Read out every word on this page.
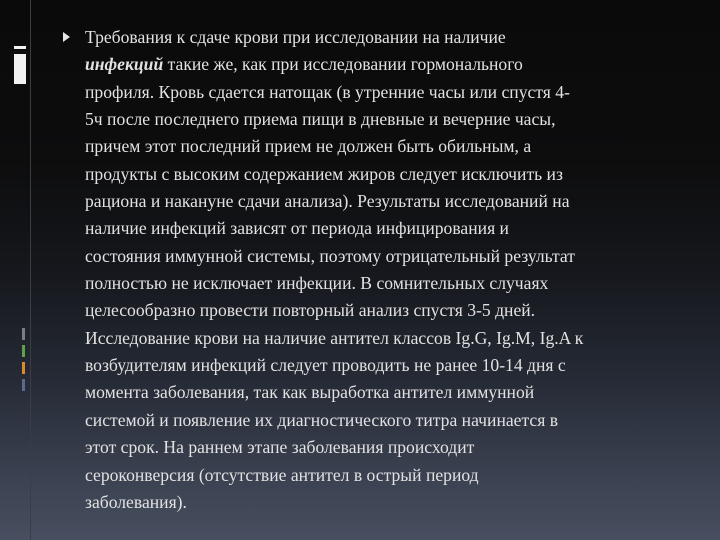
Требования к сдаче крови при исследовании на наличие
инфекций такие же, как при исследовании гормонального
профиля. Кровь сдается натощак (в утренние часы или спустя 4-
5ч после последнего приема пищи в дневные и вечерние часы,
причем этот последний прием не должен быть обильным, а
продукты с высоким содержанием жиров следует исключить из
рациона и накануне сдачи анализа). Результаты исследований на
наличие инфекций зависят от периода инфицирования и
состояния иммунной системы, поэтому отрицательный результат
полностью не исключает инфекции. В сомнительных случаях
целесообразно провести повторный анализ спустя 3-5 дней.
Исследование крови на наличие антител классов Ig.G, Ig.M, Ig.A к
возбудителям инфекций следует проводить не ранее 10-14 дня с
момента заболевания, так как выработка антител иммунной
системой и появление их диагностического титра начинается в
этот срок. На раннем этапе заболевания происходит
сероконверсия (отсутствие антител в острый период
заболевания).
